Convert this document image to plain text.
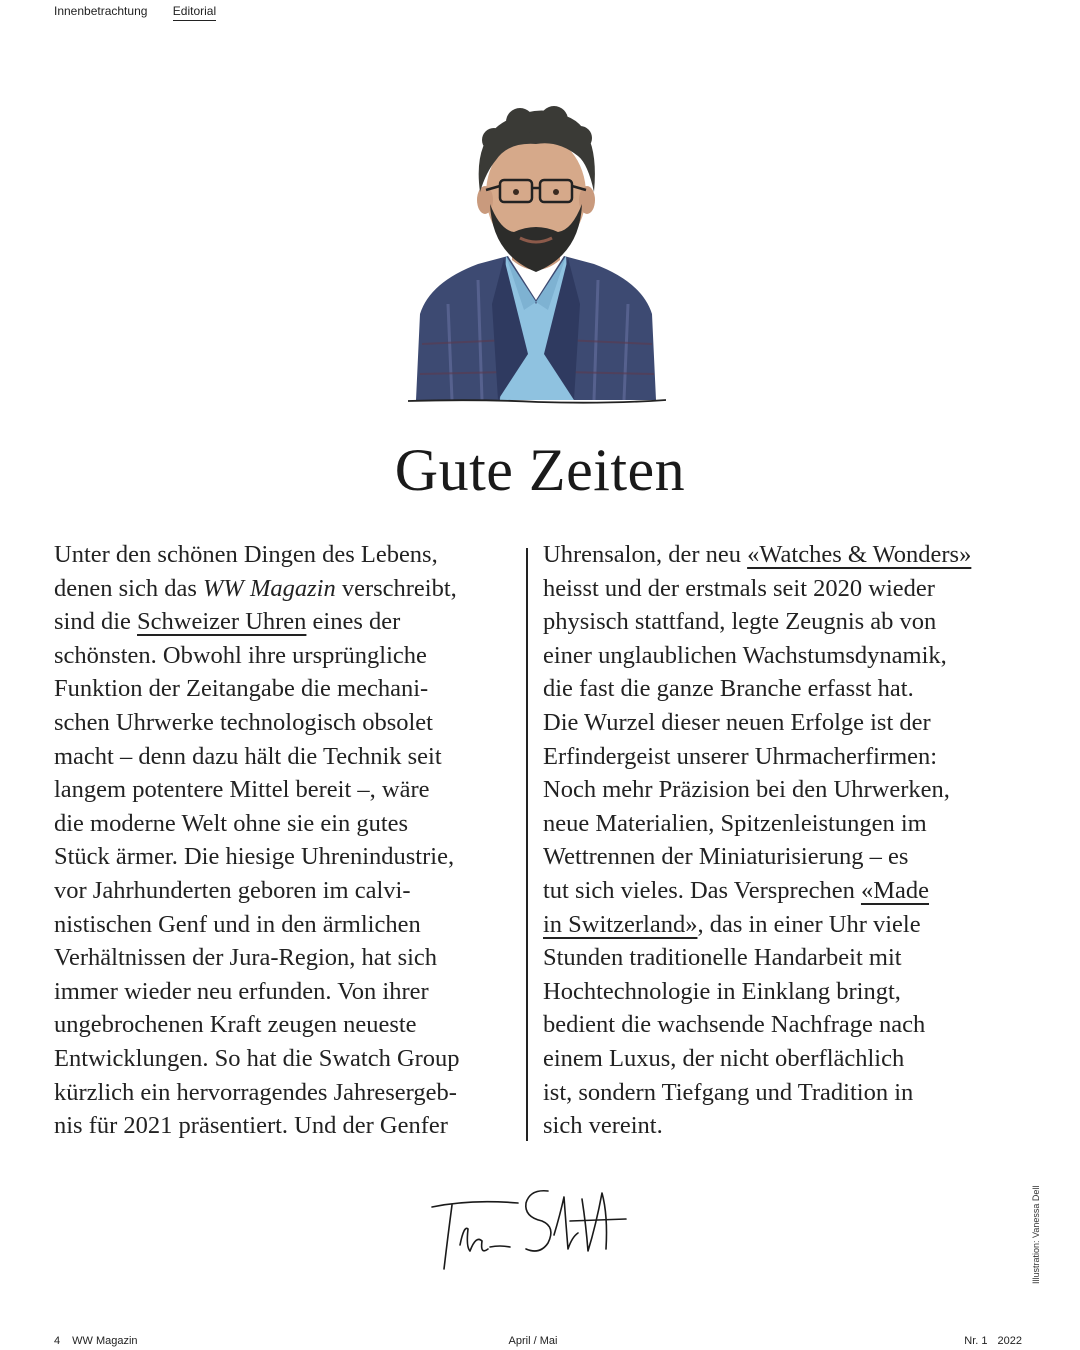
Innenbetrachtung Editorial
Gute Zeiten
Unter den schönen Dingen des Lebens,
denen sich das WW Magazin verschreibt,
sind die Schweizer Uhren eines der
schönsten. Obwohl ihre ursprüngliche
Funktion der Zeitangabe die mechani-
schen Uhrwerke technologisch obsolet
macht – denn dazu hält die Technik seit
langem potentere Mittel bereit –, wäre
die moderne Welt ohne sie ein gutes
Stück ärmer. Die hiesige Uhrenindustrie,
vor Jahrhunderten geboren im calvi-
nistischen Genf und in den ärmlichen
Verhältnissen der Jura-Region, hat sich
immer wieder neu erfunden. Von ihrer
ungebrochenen Kraft zeugen neueste
Entwicklungen. So hat die Swatch Group
kürzlich ein hervorragendes Jahresergeb-
nis für 2021 präsentiert. Und der Genfer
Uhrensalon, der neu «Watches & Wonders»
heisst und der erstmals seit 2020 wieder
physisch stattfand, legte Zeugnis ab von
einer unglaublichen Wachstumsdynamik,
die fast die ganze Branche erfasst hat.
Die Wurzel dieser neuen Erfolge ist der
Erfindergeist unserer Uhrmacherfirmen:
Noch mehr Präzision bei den Uhrwerken,
neue Materialien, Spitzenleistungen im
Wettrennen der Miniaturisierung – es
tut sich vieles. Das Versprechen «Made
in Switzerland», das in einer Uhr viele
Stunden traditionelle Handarbeit mit
Hochtechnologie in Einklang bringt,
bedient die wachsende Nachfrage nach
einem Luxus, der nicht oberflächlich
ist, sondern Tiefgang und Tradition in
sich vereint.
Illustration: Vanessa Dell
4 WW Magazin	April / Mai	Nr. 1 2022
